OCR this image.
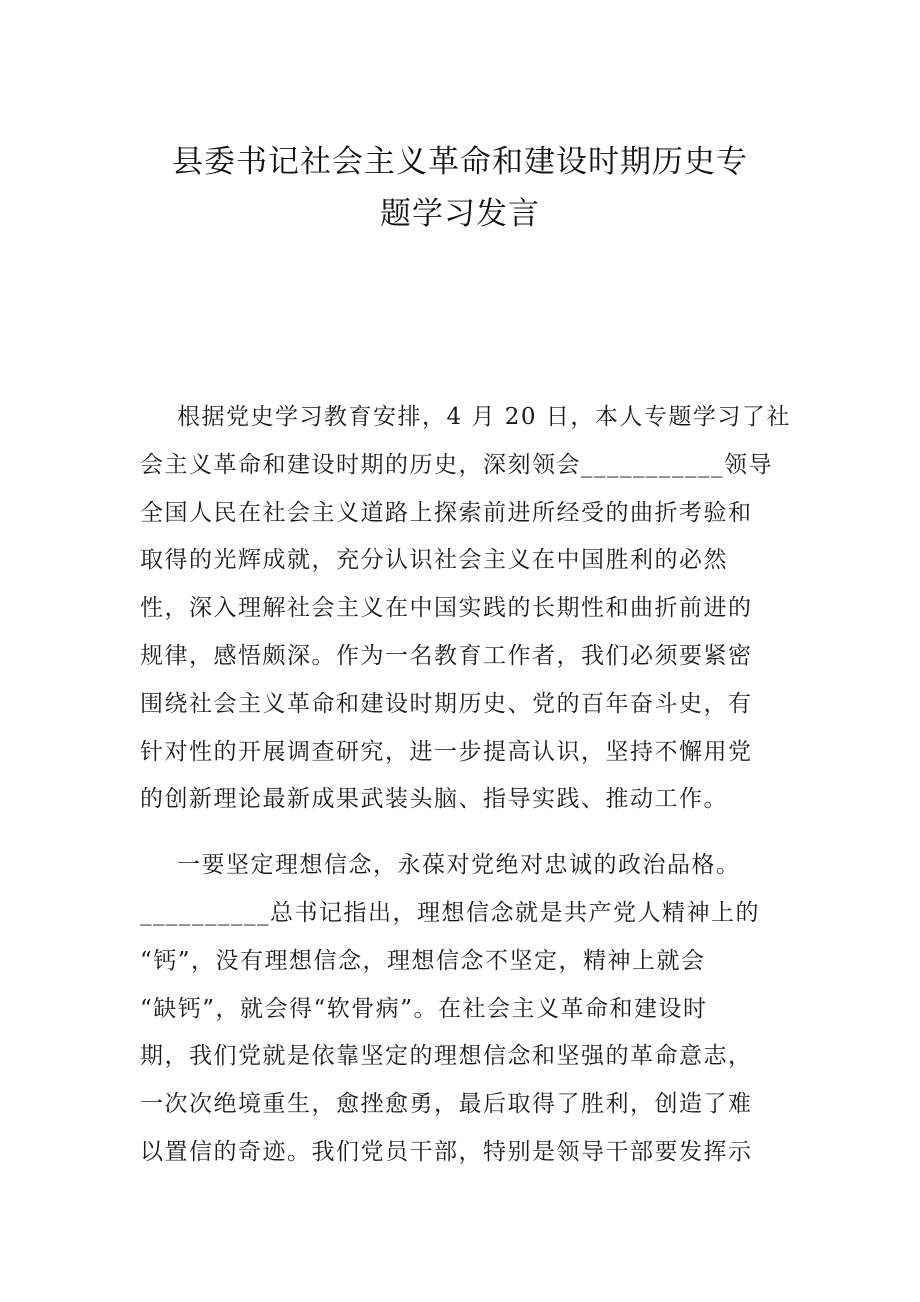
县委书记社会主义革命和建设时期历史专
题学习发言
根据党史学习教育安排，4 月 20 日，本人专题学习了社
会主义革命和建设时期的历史，深刻领会___________领导
全国人民在社会主义道路上探索前进所经受的曲折考验和
取得的光辉成就，充分认识社会主义在中国胜利的必然
性，深入理解社会主义在中国实践的长期性和曲折前进的
规律，感悟颇深。作为一名教育工作者，我们必须要紧密
围绕社会主义革命和建设时期历史、党的百年奋斗史，有
针对性的开展调查研究，进一步提高认识，坚持不懈用党
的创新理论最新成果武装头脑、指导实践、推动工作。
一要坚定理想信念，永葆对党绝对忠诚的政治品格。
__________总书记指出，理想信念就是共产党人精神上的
“钙”，没有理想信念，理想信念不坚定，精神上就会
“缺钙”，就会得“软骨病”。在社会主义革命和建设时
期，我们党就是依靠坚定的理想信念和坚强的革命意志，
一次次绝境重生，愈挫愈勇，最后取得了胜利，创造了难
以置信的奇迹。我们党员干部，特别是领导干部要发挥示
